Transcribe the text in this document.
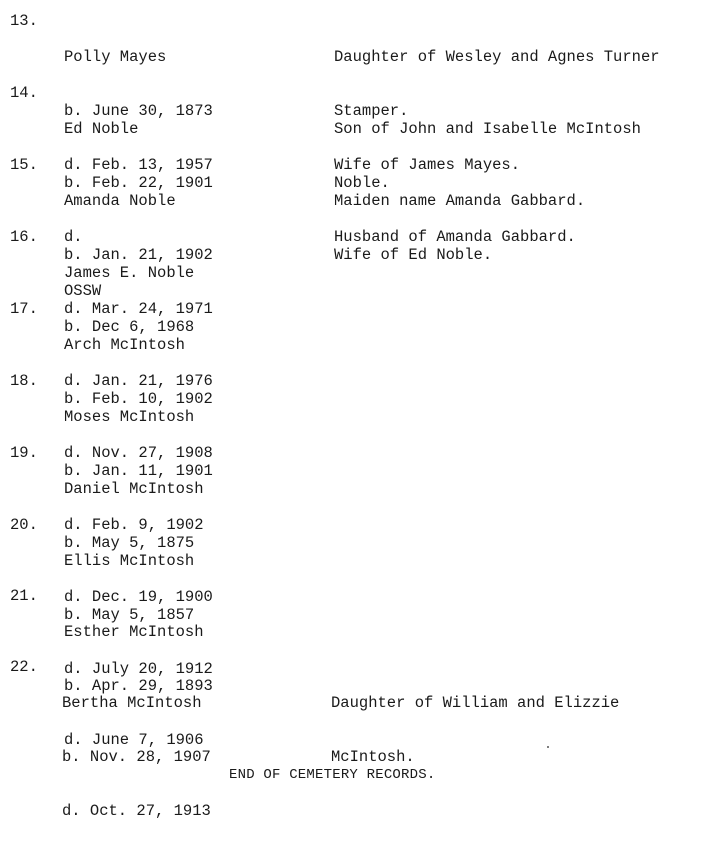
13.

Polly Mayes

b. June 30, 1873

d. Feb. 13, 1957

Daughter of Wesley and Agnes Turner

Stamper.

Wife of James Mayes.

14.

Ed Noble

b. Feb. 22, 1901

d.

OSSW

Son of John and Isabelle McIntosh

Noble.

Husband of Amanda Gabbard.

15.

Amanda Noble

b. Jan. 21, 1902

d. Mar. 24, 1971

Maiden name Amanda Gabbard.

Wife of Ed Noble.

16.

James E. Noble

b. Dec 6, 1968

d. Jan. 21, 1976

17.

Arch McIntosh

b. Feb. 10, 1902

d. Nov. 27, 1908

18.

Moses McIntosh

b. Jan. 11, 1901

d. Feb. 9, 1902

19.

Daniel McIntosh

b. May 5, 1875

d. Dec. 19, 1900

20.

Ellis McIntosh

b. May 5, 1857

d. July 20, 1912

21.

Esther McIntosh

b. Apr. 29, 1893

d. June 7, 1906

22.

Bertha McIntosh

b. Nov. 28, 1907

d. Oct. 27, 1913

Daughter of William and Elizzie

McIntosh.

END OF CEMETERY RECORDS.
